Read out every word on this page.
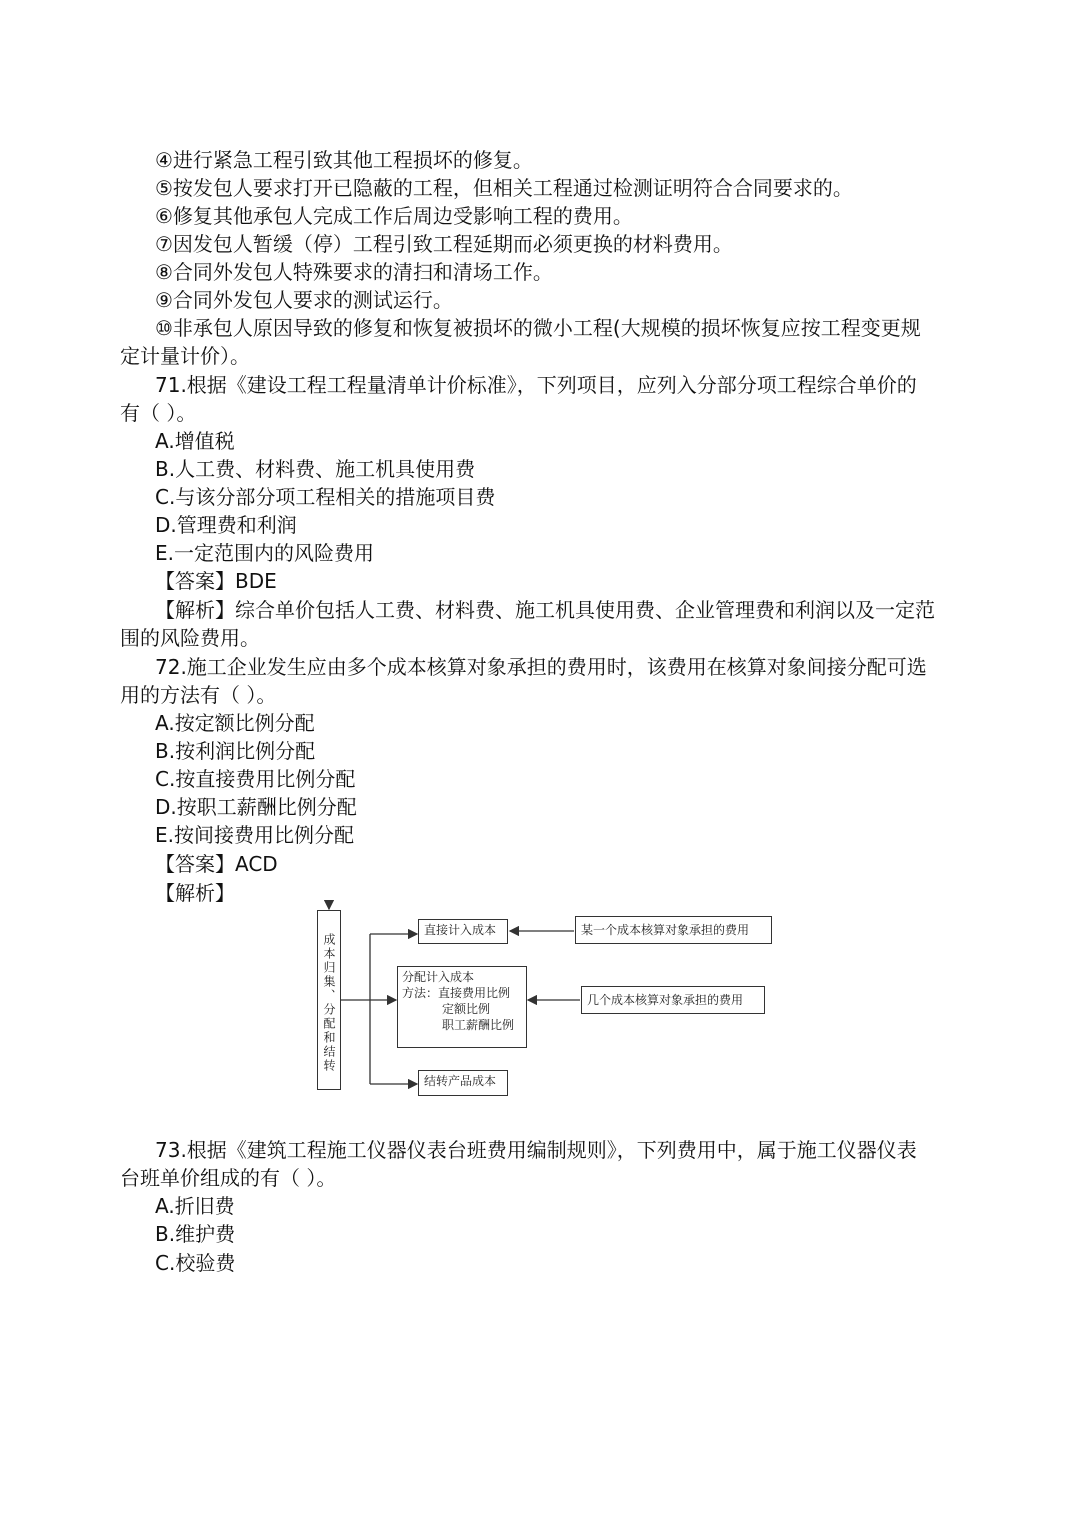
④进行紧急工程引致其他工程损坏的修复。
⑤按发包人要求打开已隐蔽的工程，但相关工程通过检测证明符合合同要求的。
⑥修复其他承包人完成工作后周边受影响工程的费用。
⑦因发包人暂缓（停）工程引致工程延期而必须更换的材料费用。
⑧合同外发包人特殊要求的清扫和清场工作。
⑨合同外发包人要求的测试运行。
⑩非承包人原因导致的修复和恢复被损坏的微小工程(大规模的损坏恢复应按工程变更规
定计量计价）。
71.根据《建设工程工程量清单计价标准》，下列项目，应列入分部分项工程综合单价的
有（ ）。
A.增值税
B.人工费、材料费、施工机具使用费
C.与该分部分项工程相关的措施项目费
D.管理费和利润
E.一定范围内的风险费用
【答案】BDE
【解析】综合单价包括人工费、材料费、施工机具使用费、企业管理费和利润以及一定范
围的风险费用。
72.施工企业发生应由多个成本核算对象承担的费用时，该费用在核算对象间接分配可选
用的方法有（ ）。
A.按定额比例分配
B.按利润比例分配
C.按直接费用比例分配
D.按职工薪酬比例分配
E.按间接费用比例分配
【答案】ACD
【解析】
成本归集、分配和结转
直接计入成本
分配计入成本
方法：直接费用比例
定额比例
职工薪酬比例
结转产品成本
某一个成本核算对象承担的费用
几个成本核算对象承担的费用
73.根据《建筑工程施工仪器仪表台班费用编制规则》，下列费用中，属于施工仪器仪表
台班单价组成的有（ ）。
A.折旧费
B.维护费
C.校验费
